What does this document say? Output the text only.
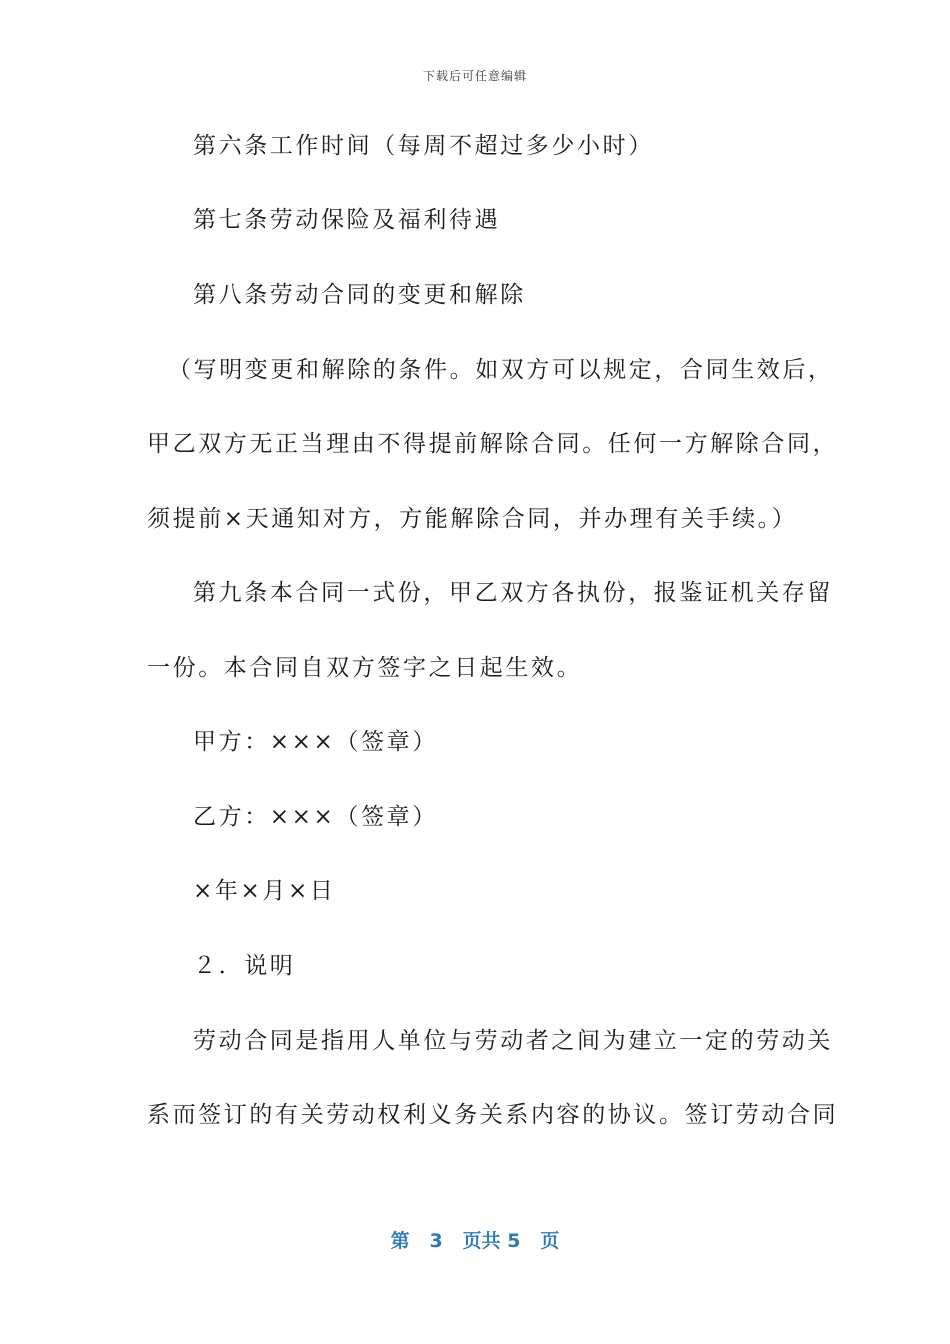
下载后可任意编辑
第六条工作时间（每周不超过多少小时）
第七条劳动保险及福利待遇
第八条劳动合同的变更和解除
（写明变更和解除的条件。如双方可以规定，合同生效后，
甲乙双方无正当理由不得提前解除合同。任何一方解除合同，
须提前×天通知对方，方能解除合同，并办理有关手续。）
第九条本合同一式份，甲乙双方各执份，报鉴证机关存留
一份。本合同自双方签字之日起生效。
甲方：×××（签章）
乙方：×××（签章）
×年×月×日
２．说明
劳动合同是指用人单位与劳动者之间为建立一定的劳动关
系而签订的有关劳动权利义务关系内容的协议。签订劳动合同
第 3 页共 5 页
